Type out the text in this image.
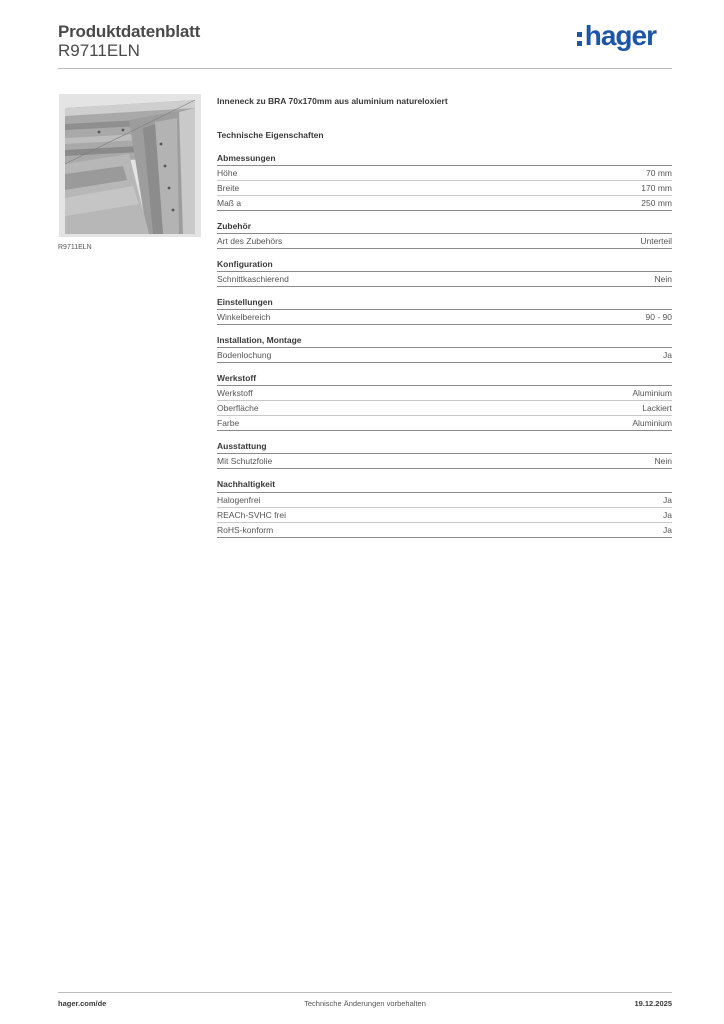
Produktdatenblatt
R9711ELN	hager
R9711ELN
Inneneck zu BRA 70x170mm aus aluminium natureloxiert
Technische Eigenschaften
Abmessungen
Höhe	70 mm
Breite	170 mm
Maß a	250 mm
Zubehör
Art des Zubehörs	Unterteil
Konfiguration
Schnittkaschierend	Nein
Einstellungen
Winkelbereich	90 - 90
Installation, Montage
Bodenlochung	Ja
Werkstoff
Werkstoff	Aluminium
Oberfläche	Lackiert
Farbe	Aluminium
Ausstattung
Mit Schutzfolie	Nein
Nachhaltigkeit
Halogenfrei	Ja
REACh-SVHC frei	Ja
RoHS-konform	Ja
hager.com/de	Technische Änderungen vorbehalten	19.12.2025
